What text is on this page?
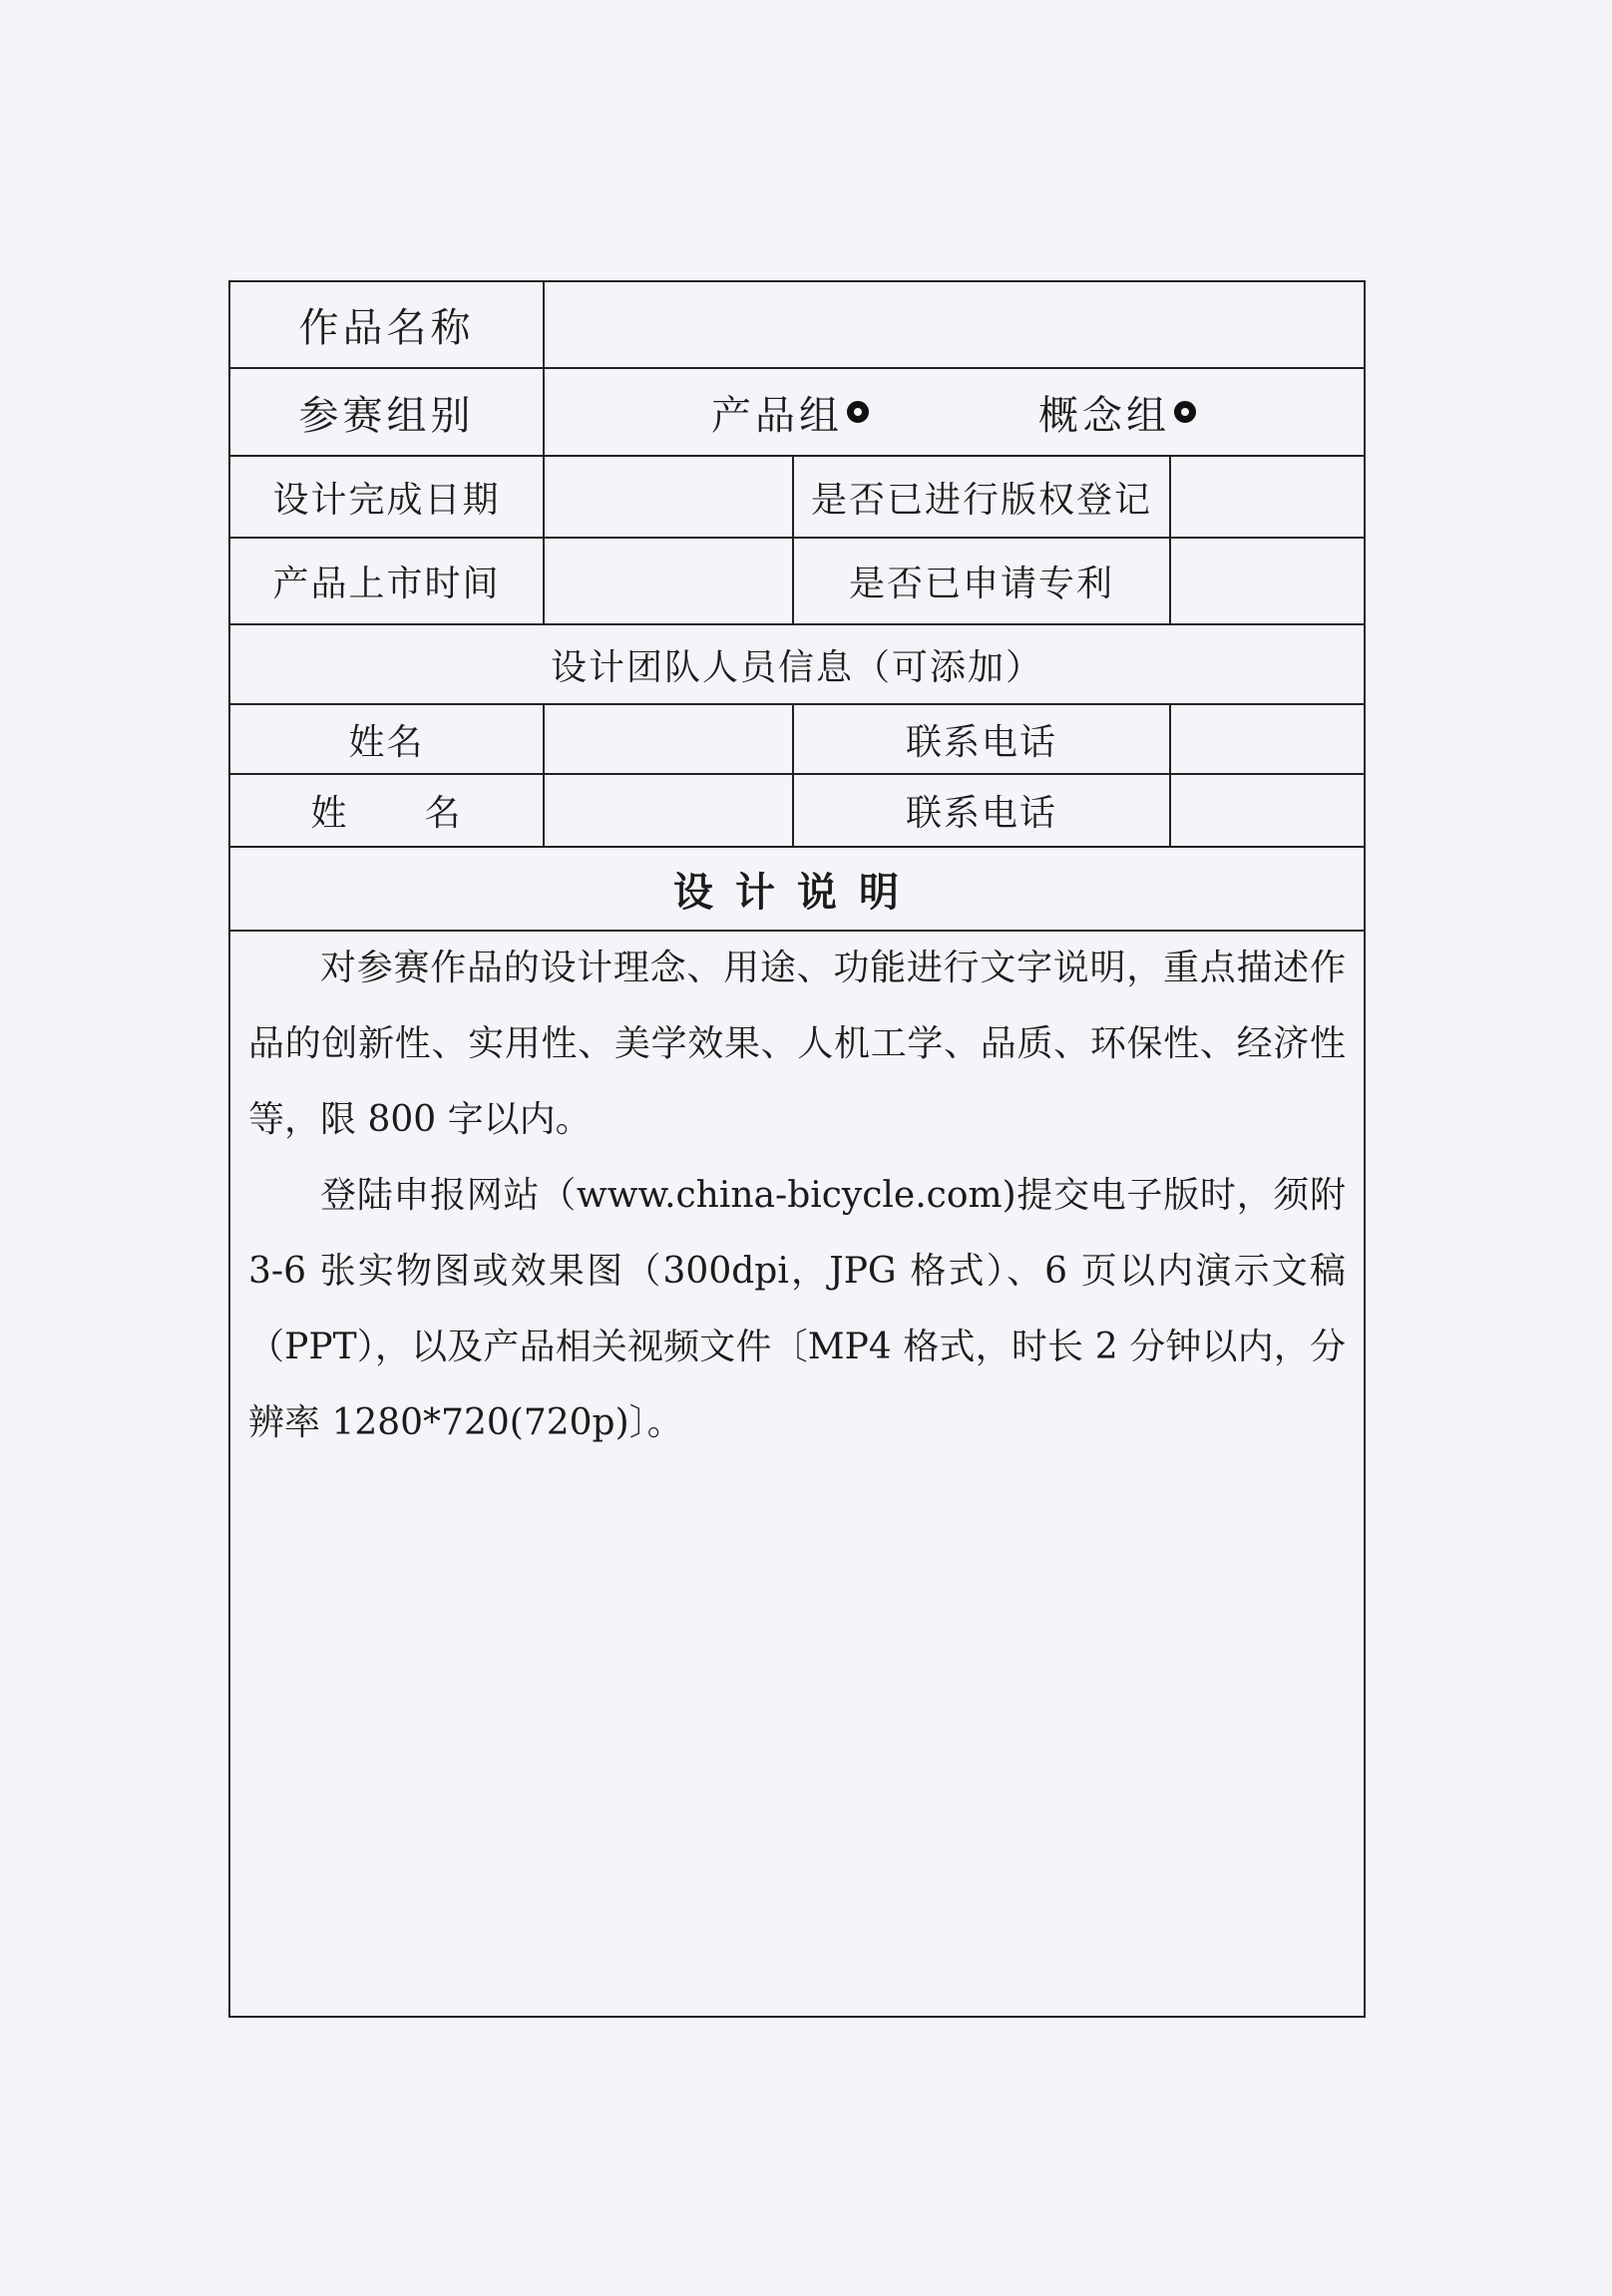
作品名称
参赛组别	产品组	概念组
设计完成日期	是否已进行版权登记
产品上市时间	是否已申请专利
设计团队人员信息（可添加）
姓名	联系电话
姓　　名	联系电话
设计说明

对参赛作品的设计理念、用途、功能进行文字说明，重点描述作品的创新性、实用性、美学效果、人机工学、品质、环保性、经济性等，限 800 字以内。

登陆申报网站（www.china-bicycle.com)提交电子版时，须附 3-6 张实物图或效果图（300dpi，JPG 格式）、6 页以内演示文稿（PPT），以及产品相关视频文件〔MP4 格式，时长 2 分钟以内，分辨率 1280*720(720p)〕。
